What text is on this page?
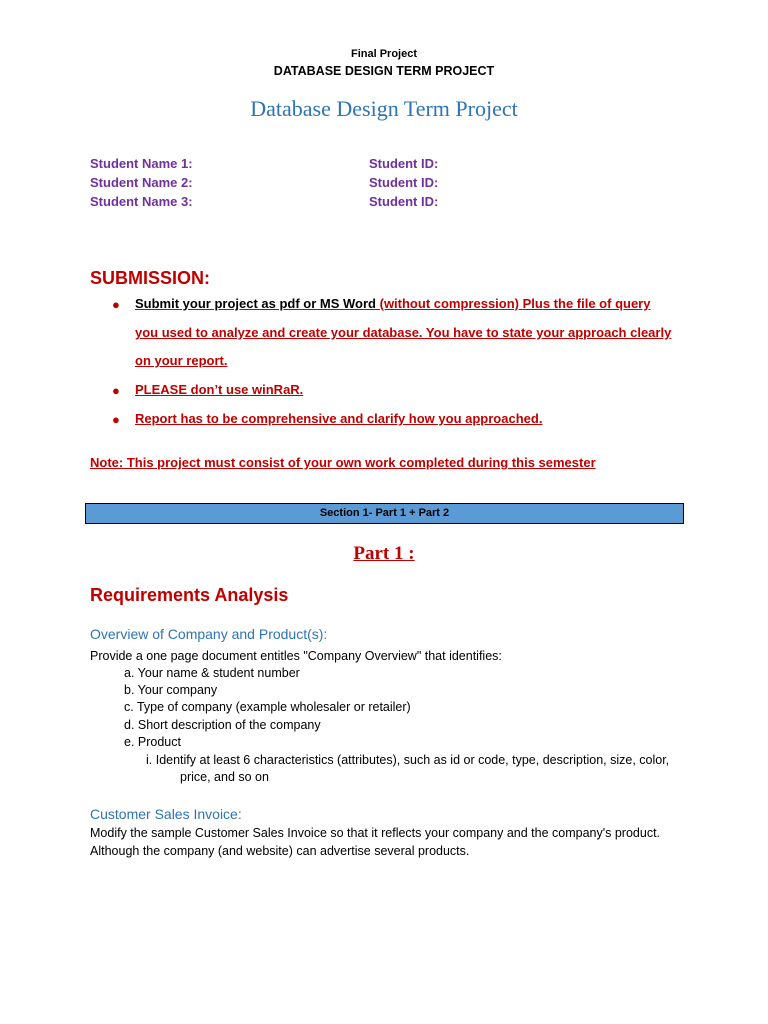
Final Project
DATABASE DESIGN TERM PROJECT
Database Design Term Project
Student Name 1:	Student ID:
Student Name 2:	Student ID:
Student Name 3:	Student ID:
SUBMISSION:
● Submit your project as pdf or MS Word (without compression) Plus the file of query
you used to analyze and create your database. You have to state your approach clearly
on your report.
● PLEASE don’t use winRaR.
● Report has to be comprehensive and clarify how you approached.
Note: This project must consist of your own work completed during this semester
Section 1- Part 1 + Part 2
Part 1 :
Requirements Analysis
Overview of Company and Product(s):
Provide a one page document entitles "Company Overview" that identifies:
a. Your name & student number
b. Your company
c. Type of company (example wholesaler or retailer)
d. Short description of the company
e. Product
i. Identify at least 6 characteristics (attributes), such as id or code, type, description, size, color,
price, and so on
Customer Sales Invoice:
Modify the sample Customer Sales Invoice so that it reflects your company and the company's product.
Although the company (and website) can advertise several products.
